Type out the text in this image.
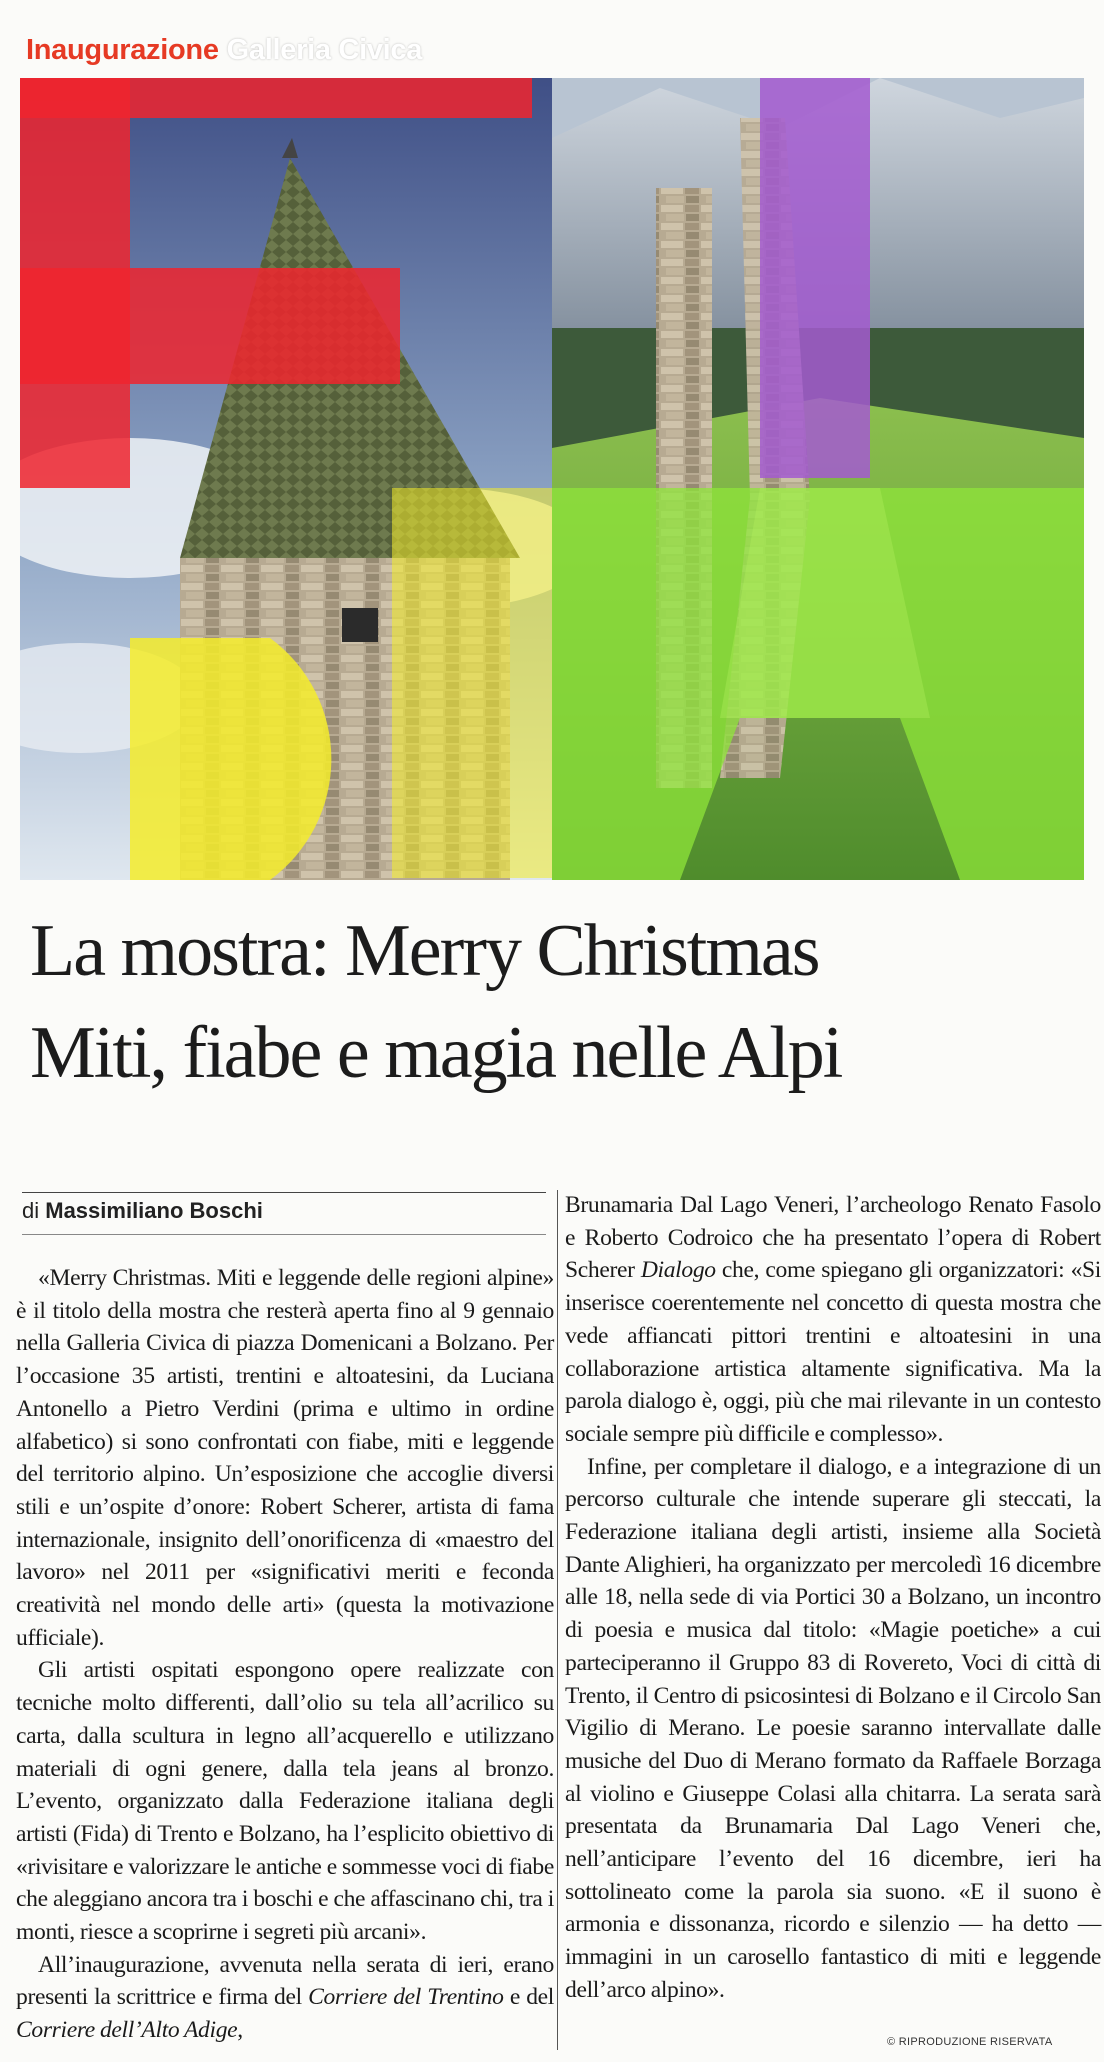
Inaugurazione Galleria Civica
La mostra: Merry Christmas
Miti, fiabe e magia nelle Alpi
di Massimiliano Boschi

«Merry Christmas. Miti e leggende delle regioni alpine» è il titolo della mostra che resterà aperta fino al 9 gennaio nella Galleria Civica di piazza Domenicani a Bolzano. Per l’occasione 35 artisti, trentini e altoatesini, da Luciana Antonello a Pietro Verdini (prima e ultimo in ordine alfabetico) si sono confrontati con fiabe, miti e leggende del territorio alpino. Un’esposizione che accoglie diversi stili e un’ospite d’onore: Robert Scherer, artista di fama internazionale, insignito dell’onorificenza di «maestro del lavoro» nel 2011 per «significativi meriti e feconda creatività nel mondo delle arti» (questa la motivazione ufficiale).

Gli artisti ospitati espongono opere realizzate con tecniche molto differenti, dall’olio su tela all’acrilico su carta, dalla scultura in legno all’acquerello e utilizzano materiali di ogni genere, dalla tela jeans al bronzo. L’evento, organizzato dalla Federazione italiana degli artisti (Fida) di Trento e Bolzano, ha l’esplicito obiettivo di «rivisitare e valorizzare le antiche e sommesse voci di fiabe che aleggiano ancora tra i boschi e che affascinano chi, tra i monti, riesce a scoprirne i segreti più arcani».

All’inaugurazione, avvenuta nella serata di ieri, erano presenti la scrittrice e firma del Corriere del Trentino e del Corriere dell’Alto Adige,

Brunamaria Dal Lago Veneri, l’archeologo Renato Fasolo e Roberto Codroico che ha presentato l’opera di Robert Scherer Dialogo che, come spiegano gli organizzatori: «Si inserisce coerentemente nel concetto di questa mostra che vede affiancati pittori trentini e altoatesini in una collaborazione artistica altamente significativa. Ma la parola dialogo è, oggi, più che mai rilevante in un contesto sociale sempre più difficile e complesso».

Infine, per completare il dialogo, e a integrazione di un percorso culturale che intende superare gli steccati, la Federazione italiana degli artisti, insieme alla Società Dante Alighieri, ha organizzato per mercoledì 16 dicembre alle 18, nella sede di via Portici 30 a Bolzano, un incontro di poesia e musica dal titolo: «Magie poetiche» a cui parteciperanno il Gruppo 83 di Rovereto, Voci di città di Trento, il Centro di psicosintesi di Bolzano e il Circolo San Vigilio di Merano. Le poesie saranno intervallate dalle musiche del Duo di Merano formato da Raffaele Borzaga al violino e Giuseppe Colasi alla chitarra. La serata sarà presentata da Brunamaria Dal Lago Veneri che, nell’anticipare l’evento del 16 dicembre, ieri ha sottolineato come la parola sia suono. «E il suono è armonia e dissonanza, ricordo e silenzio — ha detto — immagini in un carosello fantastico di miti e leggende dell’arco alpino».

© RIPRODUZIONE RISERVATA
